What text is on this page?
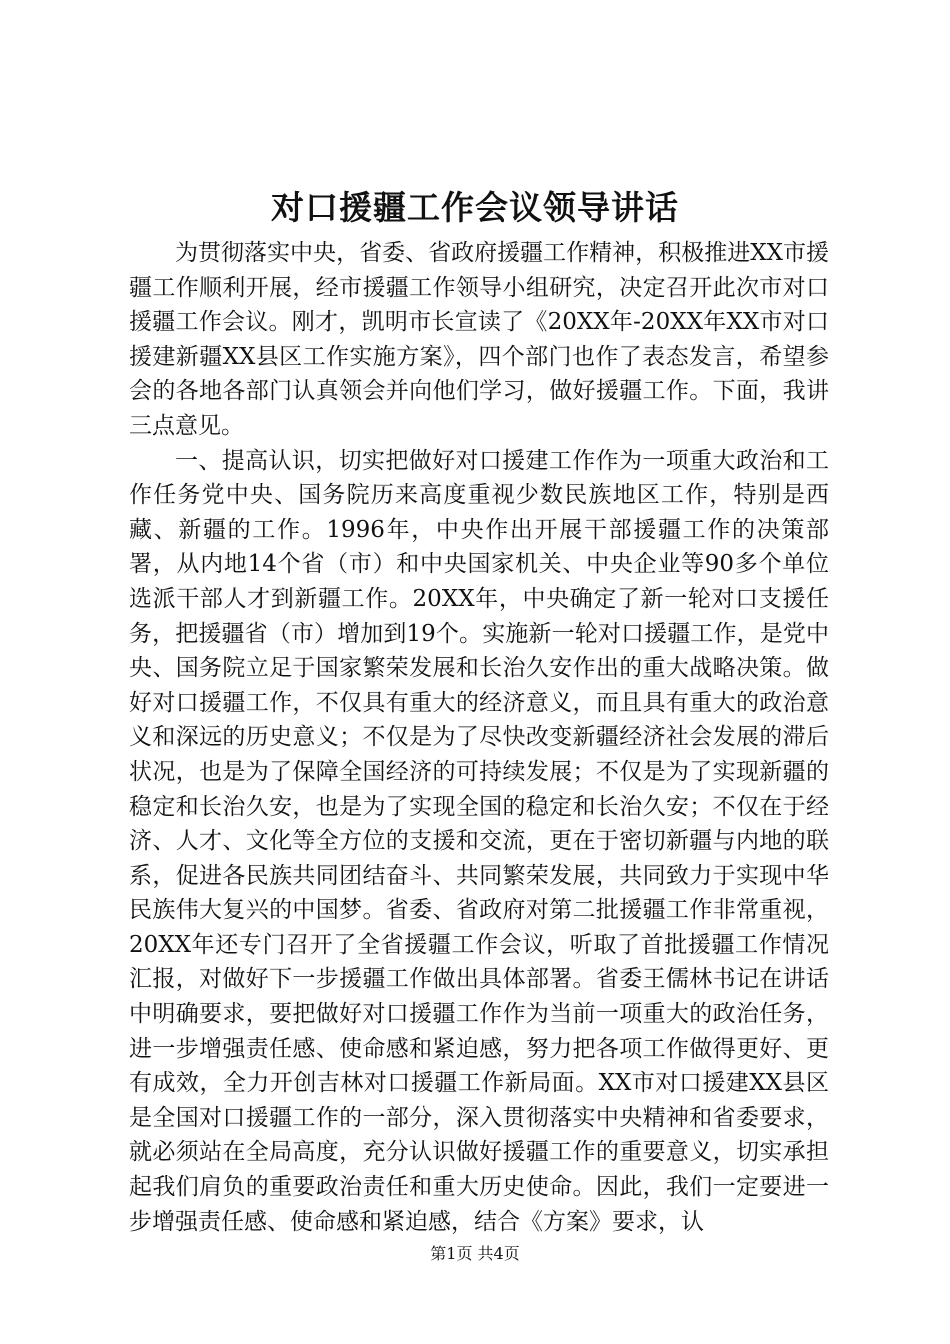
对口援疆工作会议领导讲话

为贯彻落实中央，省委、省政府援疆工作精神，积极推进XX市援疆工作顺利开展，经市援疆工作领导小组研究，决定召开此次市对口援疆工作会议。刚才，凯明市长宣读了《20XX年-20XX年XX市对口援建新疆XX县区工作实施方案》，四个部门也作了表态发言，希望参会的各地各部门认真领会并向他们学习，做好援疆工作。下面，我讲三点意见。

一、提高认识，切实把做好对口援建工作作为一项重大政治和工作任务党中央、国务院历来高度重视少数民族地区工作，特别是西藏、新疆的工作。1996年，中央作出开展干部援疆工作的决策部署，从内地14个省（市）和中央国家机关、中央企业等90多个单位选派干部人才到新疆工作。20XX年，中央确定了新一轮对口支援任务，把援疆省（市）增加到19个。实施新一轮对口援疆工作，是党中央、国务院立足于国家繁荣发展和长治久安作出的重大战略决策。做好对口援疆工作，不仅具有重大的经济意义，而且具有重大的政治意义和深远的历史意义；不仅是为了尽快改变新疆经济社会发展的滞后状况，也是为了保障全国经济的可持续发展；不仅是为了实现新疆的稳定和长治久安，也是为了实现全国的稳定和长治久安；不仅在于经济、人才、文化等全方位的支援和交流，更在于密切新疆与内地的联系，促进各民族共同团结奋斗、共同繁荣发展，共同致力于实现中华民族伟大复兴的中国梦。省委、省政府对第二批援疆工作非常重视，20XX年还专门召开了全省援疆工作会议，听取了首批援疆工作情况汇报，对做好下一步援疆工作做出具体部署。省委王儒林书记在讲话中明确要求，要把做好对口援疆工作作为当前一项重大的政治任务，进一步增强责任感、使命感和紧迫感，努力把各项工作做得更好、更有成效，全力开创吉林对口援疆工作新局面。XX市对口援建XX县区是全国对口援疆工作的一部分，深入贯彻落实中央精神和省委要求，就必须站在全局高度，充分认识做好援疆工作的重要意义，切实承担起我们肩负的重要政治责任和重大历史使命。因此，我们一定要进一步增强责任感、使命感和紧迫感，结合《方案》要求，认

第1页 共4页
